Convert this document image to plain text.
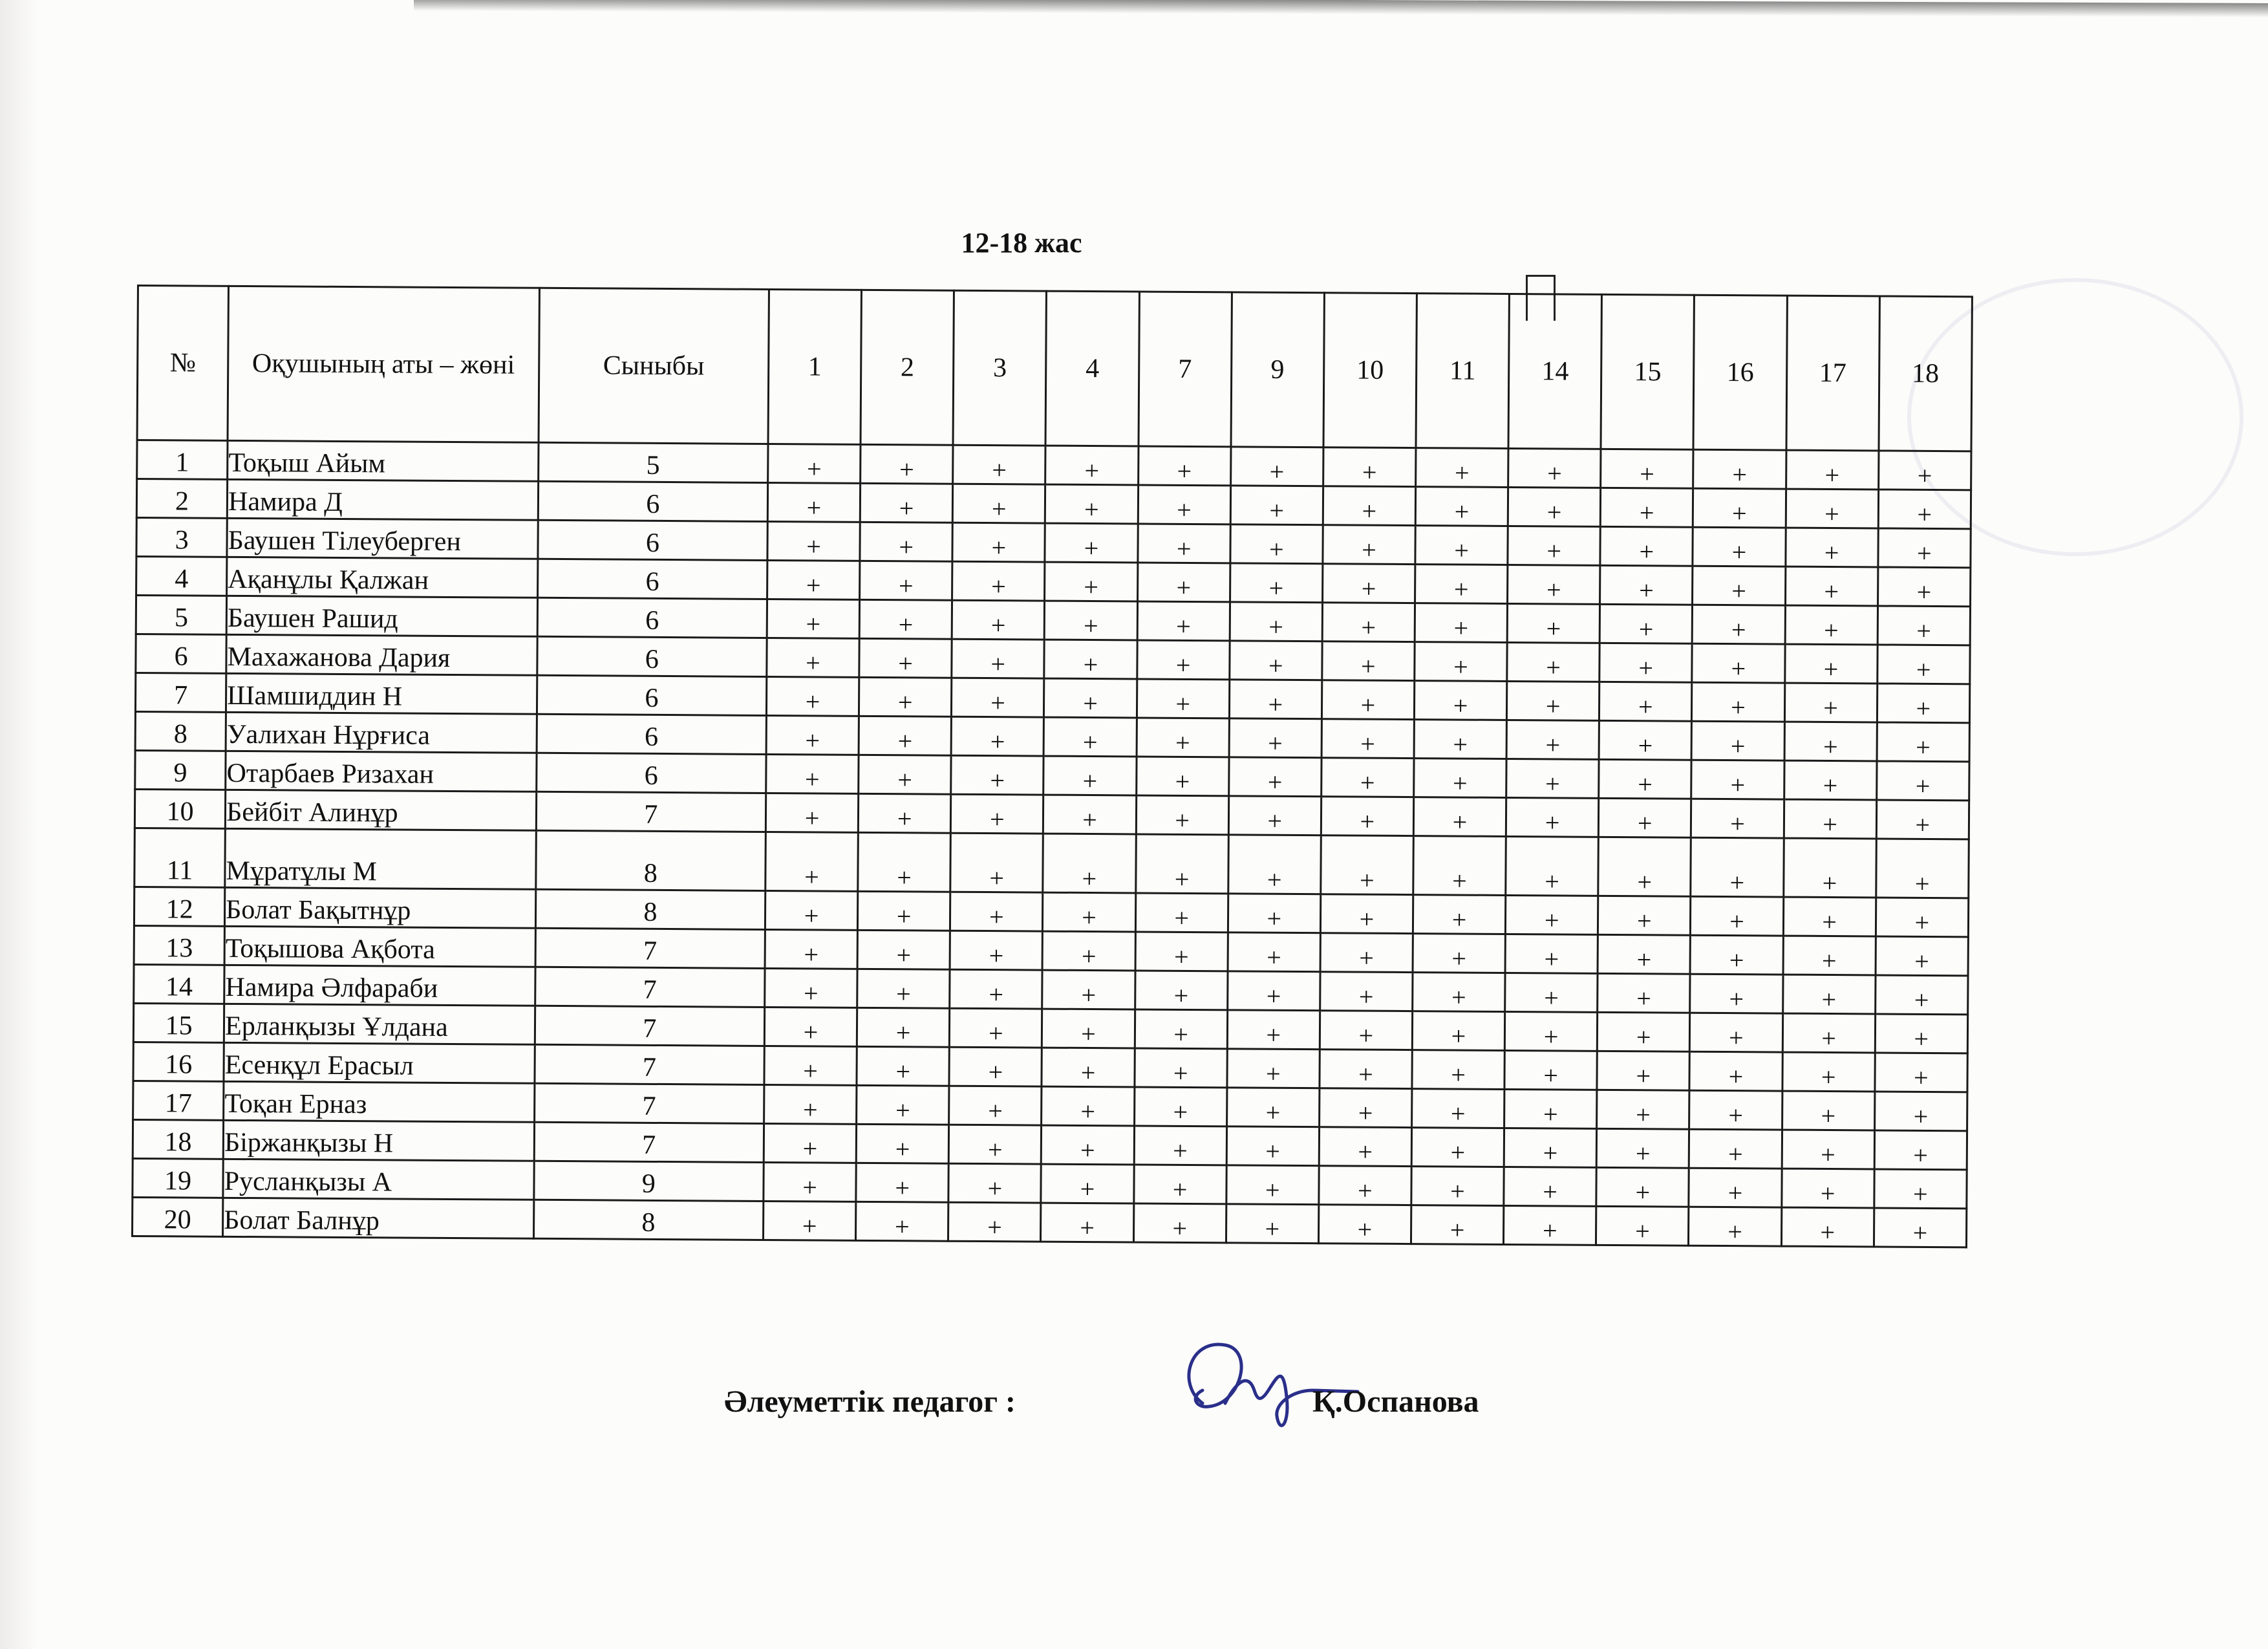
12-18 жас
№	Оқушының аты – жөні	Сыныбы	1	2	3	4	7	9	10	11	14	15	16	17	18
1	Тоқыш Айым	5	+	+	+	+	+	+	+	+	+	+	+	+	+
2	Намира Д	6	+	+	+	+	+	+	+	+	+	+	+	+	+
3	Баушен Тілеуберген	6	+	+	+	+	+	+	+	+	+	+	+	+	+
4	Ақанұлы Қалжан	6	+	+	+	+	+	+	+	+	+	+	+	+	+
5	Баушен Рашид	6	+	+	+	+	+	+	+	+	+	+	+	+	+
6	Махажанова Дария	6	+	+	+	+	+	+	+	+	+	+	+	+	+
7	Шамшиддин Н	6	+	+	+	+	+	+	+	+	+	+	+	+	+
8	Уалихан Нұрғиса	6	+	+	+	+	+	+	+	+	+	+	+	+	+
9	Отарбаев Ризахан	6	+	+	+	+	+	+	+	+	+	+	+	+	+
10	Бейбіт Алинұр	7	+	+	+	+	+	+	+	+	+	+	+	+	+
11	Мұратұлы М	8	+	+	+	+	+	+	+	+	+	+	+	+	+
12	Болат Бақытнұр	8	+	+	+	+	+	+	+	+	+	+	+	+	+
13	Тоқышова Ақбота	7	+	+	+	+	+	+	+	+	+	+	+	+	+
14	Намира Әлфараби	7	+	+	+	+	+	+	+	+	+	+	+	+	+
15	Ерланқызы Ұлдана	7	+	+	+	+	+	+	+	+	+	+	+	+	+
16	Есенқұл Ерасыл	7	+	+	+	+	+	+	+	+	+	+	+	+	+
17	Тоқан Ерназ	7	+	+	+	+	+	+	+	+	+	+	+	+	+
18	Біржанқызы Н	7	+	+	+	+	+	+	+	+	+	+	+	+	+
19	Русланқызы А	9	+	+	+	+	+	+	+	+	+	+	+	+	+
20	Болат Балнұр	8	+	+	+	+	+	+	+	+	+	+	+	+	+
Әлеуметтік педагог :	Қ.Оспанова
